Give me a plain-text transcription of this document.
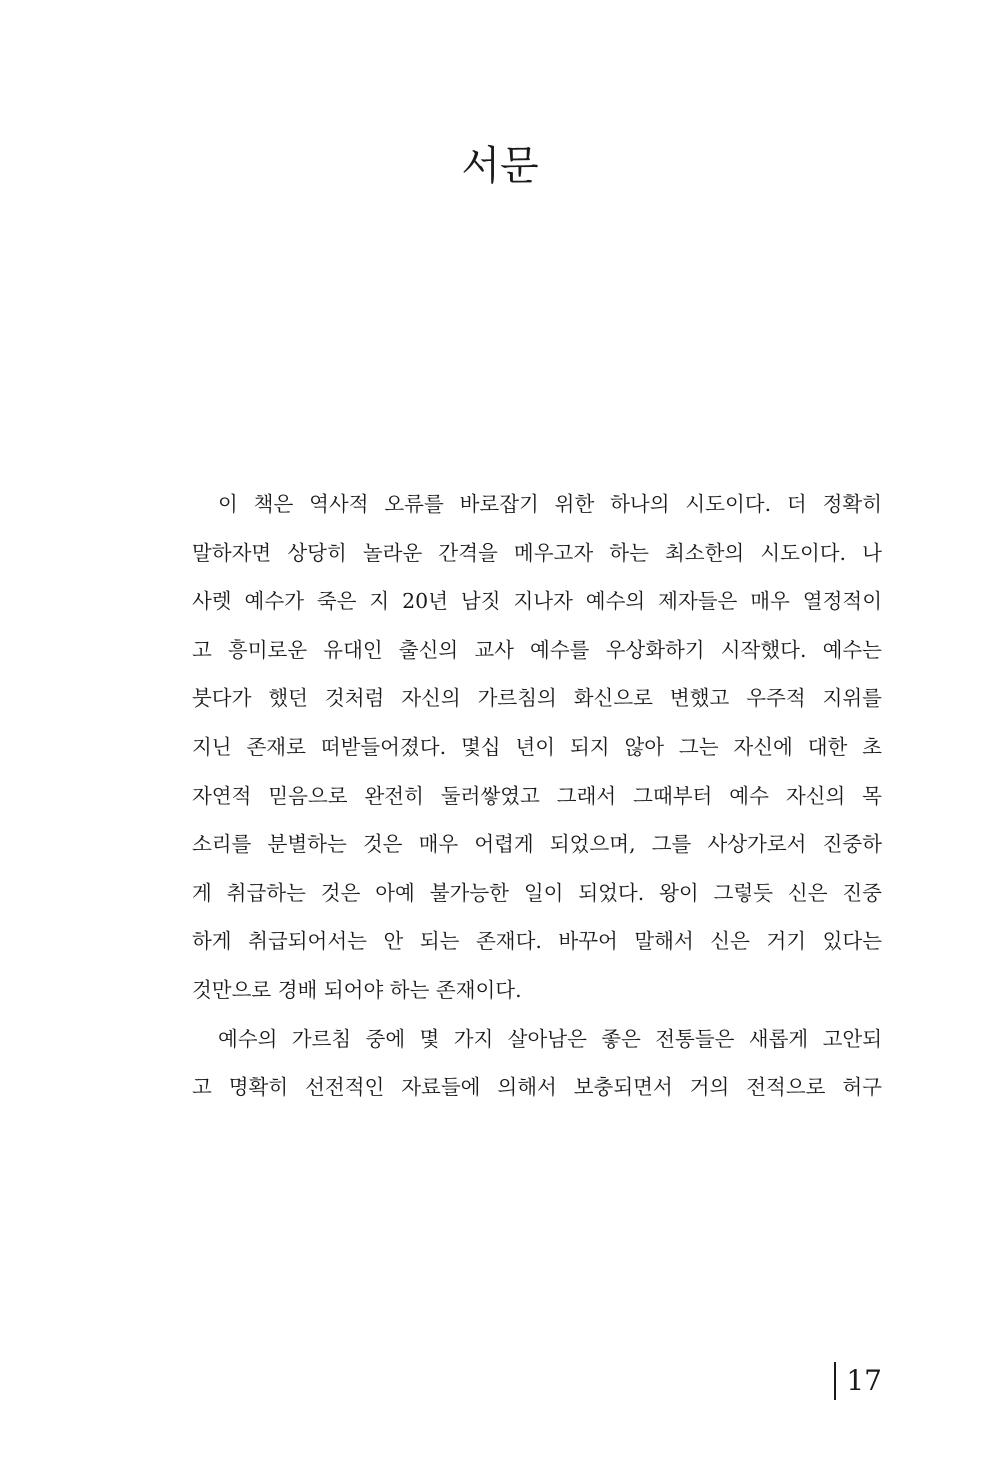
서문
이 책은 역사적 오류를 바로잡기 위한 하나의 시도이다. 더 정확히
말하자면 상당히 놀라운 간격을 메우고자 하는 최소한의 시도이다. 나
사렛 예수가 죽은 지 20년 남짓 지나자 예수의 제자들은 매우 열정적이
고 흥미로운 유대인 출신의 교사 예수를 우상화하기 시작했다. 예수는
붓다가 했던 것처럼 자신의 가르침의 화신으로 변했고 우주적 지위를
지닌 존재로 떠받들어졌다. 몇십 년이 되지 않아 그는 자신에 대한 초
자연적 믿음으로 완전히 둘러쌓였고 그래서 그때부터 예수 자신의 목
소리를 분별하는 것은 매우 어렵게 되었으며, 그를 사상가로서 진중하
게 취급하는 것은 아예 불가능한 일이 되었다. 왕이 그렇듯 신은 진중
하게 취급되어서는 안 되는 존재다. 바꾸어 말해서 신은 거기 있다는
것만으로 경배 되어야 하는 존재이다.
예수의 가르침 중에 몇 가지 살아남은 좋은 전통들은 새롭게 고안되
고 명확히 선전적인 자료들에 의해서 보충되면서 거의 전적으로 허구
17
